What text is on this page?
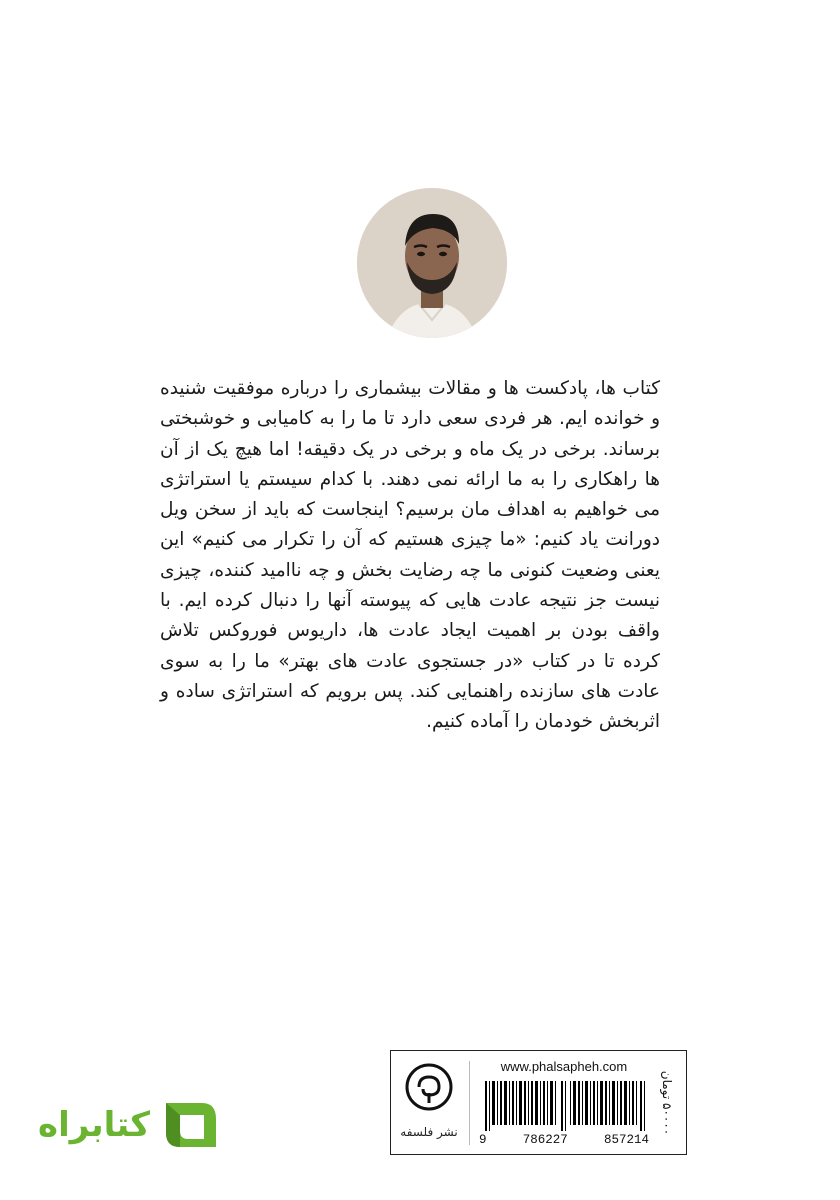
کتاب ها، پادکست ها و مقالات بیشماری را درباره موفقیت شنیده و خوانده ایم. هر فردی سعی دارد تا ما را به کامیابی و خوشبختی برساند. برخی در یک ماه و برخی در یک دقیقه! اما هیچ یک از آن ها راهکاری را به ما ارائه نمی دهند. با کدام سیستم یا استراتژی می خواهیم به اهداف مان برسیم؟ اینجاست که باید از سخن ویل دورانت یاد کنیم: «ما چیزی هستیم که آن را تکرار می کنیم» این یعنی وضعیت کنونی ما چه رضایت بخش و چه ناامید کننده، چیزی نیست جز نتیجه عادت هایی که پیوسته آنها را دنبال کرده ایم. با واقف بودن بر اهمیت ایجاد عادت ها، داریوس فوروکس تلاش کرده تا در کتاب «در جستجوی عادت های بهتر» ما را به سوی عادت های سازنده راهنمایی کند. پس برویم که استراتژی ساده و اثربخش خودمان را آماده کنیم.

کتابراه	نشر فلسفه
www.phalsapheh.com
9	786227	857214
۵۰۰۰۰ تومان
